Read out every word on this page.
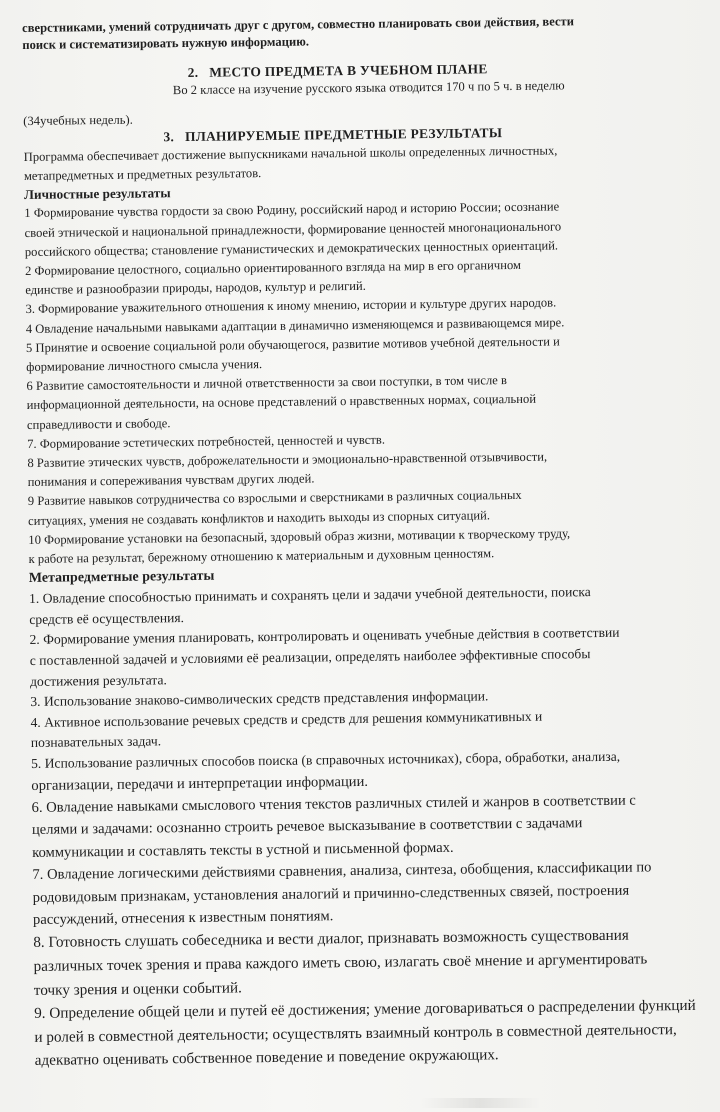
сверстниками, умений сотрудничать друг с другом, совместно планировать свои действия, вести
поиск и систематизировать нужную информацию.
2. МЕСТО ПРЕДМЕТА В УЧЕБНОМ ПЛАНЕ
Во 2 классе на изучение русского языка отводится 170 ч по 5 ч. в неделю
(34учебных недель).
3. ПЛАНИРУЕМЫЕ ПРЕДМЕТНЫЕ РЕЗУЛЬТАТЫ
Программа обеспечивает достижение выпускниками начальной школы определенных личностных,
метапредметных и предметных результатов.
Личностные результаты
1 Формирование чувства гордости за свою Родину, российский народ и историю России; осознание
своей этнической и национальной принадлежности, формирование ценностей многонационального
российского общества; становление гуманистических и демократических ценностных ориентаций.
2 Формирование целостного, социально ориентированного взгляда на мир в его органичном
единстве и разнообразии природы, народов, культур и религий.
3. Формирование уважительного отношения к иному мнению, истории и культуре других народов.
4 Овладение начальными навыками адаптации в динамично изменяющемся и развивающемся мире.
5 Принятие и освоение социальной роли обучающегося, развитие мотивов учебной деятельности и
формирование личностного смысла учения.
6 Развитие самостоятельности и личной ответственности за свои поступки, в том числе в
информационной деятельности, на основе представлений о нравственных нормах, социальной
справедливости и свободе.
7. Формирование эстетических потребностей, ценностей и чувств.
8 Развитие этических чувств, доброжелательности и эмоционально-нравственной отзывчивости,
понимания и сопереживания чувствам других людей.
9 Развитие навыков сотрудничества со взрослыми и сверстниками в различных социальных
ситуациях, умения не создавать конфликтов и находить выходы из спорных ситуаций.
10 Формирование установки на безопасный, здоровый образ жизни, мотивации к творческому труду,
к работе на результат, бережному отношению к материальным и духовным ценностям.
Метапредметные результаты
1. Овладение способностью принимать и сохранять цели и задачи учебной деятельности, поиска
средств её осуществления.
2. Формирование умения планировать, контролировать и оценивать учебные действия в соответствии
с поставленной задачей и условиями её реализации, определять наиболее эффективные способы
достижения результата.
3. Использование знаково-символических средств представления информации.
4. Активное использование речевых средств и средств для решения коммуникативных и
познавательных задач.
5. Использование различных способов поиска (в справочных источниках), сбора, обработки, анализа,
организации, передачи и интерпретации информации.
6. Овладение навыками смыслового чтения текстов различных стилей и жанров в соответствии с
целями и задачами: осознанно строить речевое высказывание в соответствии с задачами
коммуникации и составлять тексты в устной и письменной формах.
7. Овладение логическими действиями сравнения, анализа, синтеза, обобщения, классификации по
родовидовым признакам, установления аналогий и причинно-следственных связей, построения
рассуждений, отнесения к известным понятиям.
8. Готовность слушать собеседника и вести диалог, признавать возможность существования
различных точек зрения и права каждого иметь свою, излагать своё мнение и аргументировать
точку зрения и оценки событий.
9. Определение общей цели и путей её достижения; умение договариваться о распределении функций
и ролей в совместной деятельности; осуществлять взаимный контроль в совместной деятельности,
адекватно оценивать собственное поведение и поведение окружающих.
